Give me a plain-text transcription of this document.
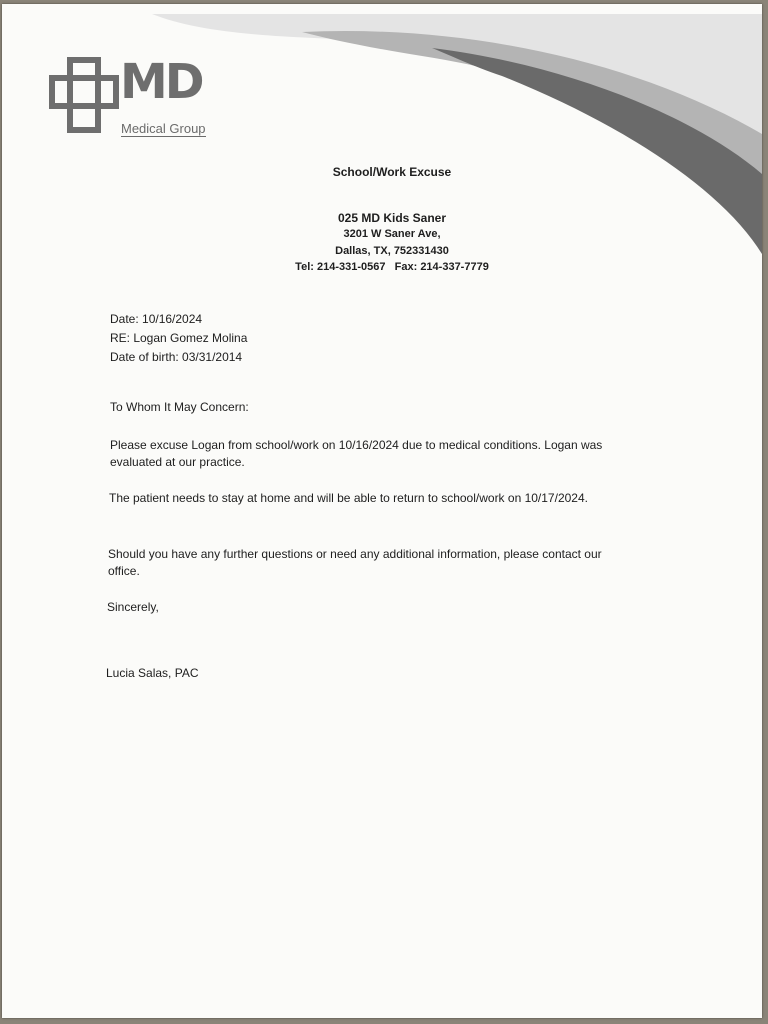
MD
Medical Group
School/Work Excuse
025 MD Kids Saner
3201 W Saner Ave,
Dallas, TX, 752331430
Tel: 214-331-0567   Fax: 214-337-7779
Date: 10/16/2024
RE: Logan Gomez Molina
Date of birth: 03/31/2014
To Whom It May Concern:
Please excuse Logan from school/work on 10/16/2024 due to medical conditions. Logan was
evaluated at our practice.
The patient needs to stay at home and will be able to return to school/work on 10/17/2024.
Should you have any further questions or need any additional information, please contact our
office.
Sincerely,
Lucia Salas, PAC
